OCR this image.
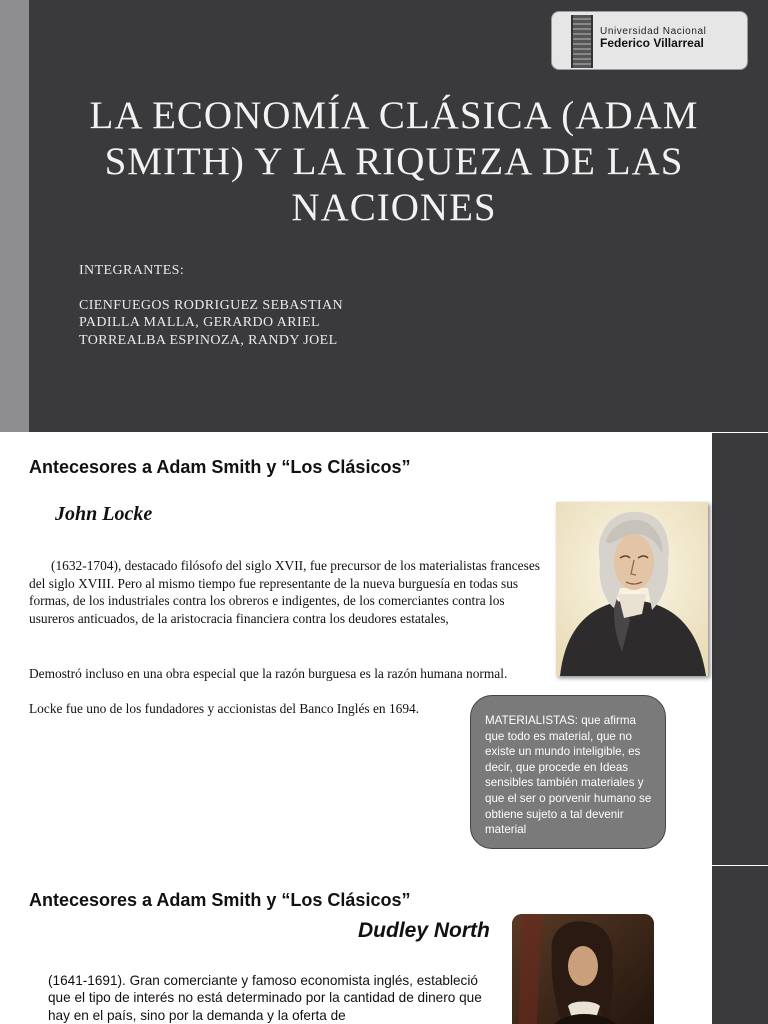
Universidad Nacional
Federico Villarreal
LA ECONOMÍA CLÁSICA (ADAM SMITH) Y LA RIQUEZA DE LAS NACIONES
INTEGRANTES:
CIENFUEGOS RODRIGUEZ SEBASTIAN
PADILLA MALLA, GERARDO ARIEL
TORREALBA ESPINOZA, RANDY JOEL
Antecesores a Adam Smith y “Los Clásicos”
John Locke
(1632-1704), destacado filósofo del siglo XVII, fue precursor de los materialistas franceses del siglo XVIII. Pero al mismo tiempo fue representante de la nueva burguesía en todas sus formas, de los industriales contra los obreros e indigentes, de los comerciantes contra los usureros anticuados, de la aristocracia financiera contra los deudores estatales,
Demostró incluso en una obra especial que la razón burguesa es la razón humana normal.
Locke fue uno de los fundadores y accionistas del Banco Inglés en 1694.
MATERIALISTAS: que afirma que todo es material, que no existe un mundo inteligible, es decir, que procede en Ideas sensibles también materiales y que el ser o porvenir humano se obtiene sujeto a tal devenir material
Antecesores a Adam Smith y “Los Clásicos”
Dudley North
(1641-1691). Gran comerciante y famoso economista inglés, estableció que el tipo de interés no está determinado por la cantidad de dinero que hay en el país, sino por la demanda y la oferta de
